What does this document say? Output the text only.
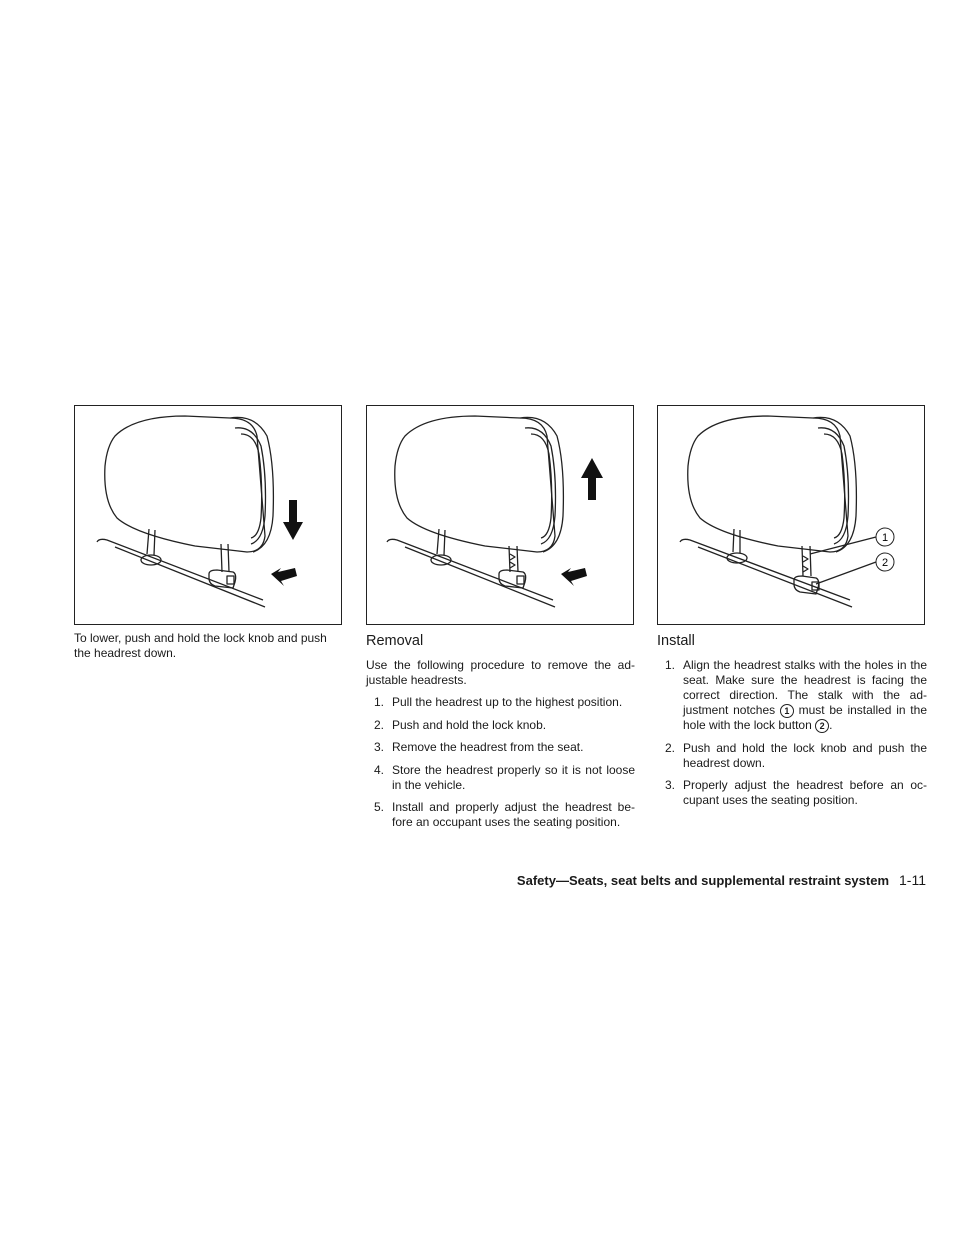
To lower, push and hold the lock knob and push the headrest down.
Removal

Use the following procedure to remove the adjustable headrests.

1. Pull the headrest up to the highest position.
2. Push and hold the lock knob.
3. Remove the headrest from the seat.
4. Store the headrest properly so it is not loose in the vehicle.
5. Install and properly adjust the headrest before an occupant uses the seating position.
1
2
Install
1. Align the headrest stalks with the holes in the seat. Make sure the headrest is facing the correct direction. The stalk with the adjustment notches 1 must be installed in the hole with the lock button 2 .
2. Push and hold the lock knob and push the headrest down.
3. Properly adjust the headrest before an occupant uses the seating position.
Safety—Seats, seat belts and supplemental restraint system 1-11
